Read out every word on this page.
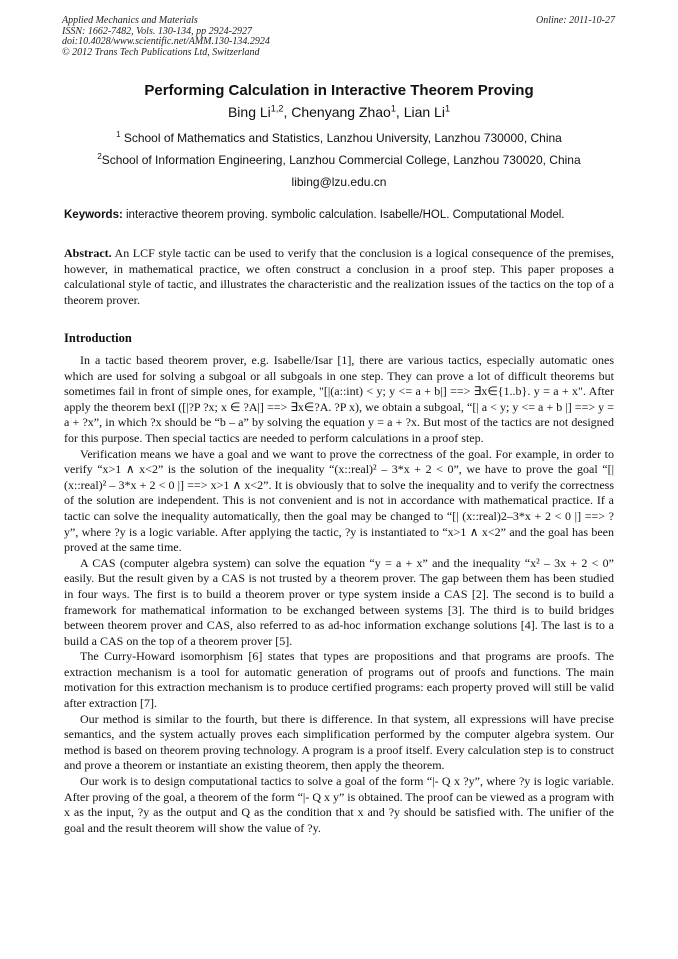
Applied Mechanics and Materials
ISSN: 1662-7482, Vols. 130-134, pp 2924-2927
doi:10.4028/www.scientific.net/AMM.130-134.2924
© 2012 Trans Tech Publications Ltd, Switzerland
Online: 2011-10-27
Performing Calculation in Interactive Theorem Proving
Bing Li$^{1,2}$, Chenyang Zhao$^1$, Lian Li$^1$
$^1$ School of Mathematics and Statistics, Lanzhou University, Lanzhou 730000, China
$^2$School of Information Engineering, Lanzhou Commercial College, Lanzhou 730020, China
libing@lzu.edu.cn
Keywords: interactive theorem proving. symbolic calculation. Isabelle/HOL. Computational Model.
Abstract. An LCF style tactic can be used to verify that the conclusion is a logical consequence of the premises, however, in mathematical practice, we often construct a conclusion in a proof step. This paper proposes a calculational style of tactic, and illustrates the characteristic and the realization issues of the tactics on the top of a theorem prover.
Introduction

In a tactic based theorem prover, e.g. Isabelle/Isar [1], there are various tactics, especially automatic ones which are used for solving a subgoal or all subgoals in one step. They can prove a lot of difficult theorems but sometimes fail in front of simple ones, for example, "[|(a::int) < y; y <= a + b|] ==> ∃x∈{1..b}. y = a + x". After apply the theorem bexI ([|?P ?x; x ∈ ?A|] ==> ∃x∈?A. ?P x), we obtain a subgoal, “[| a < y; y <= a + b |] ==> y = a + ?x”, in which ?x should be “b – a” by solving the equation y = a + ?x. But most of the tactics are not designed for this purpose. Then special tactics are needed to perform calculations in a proof step.

Verification means we have a goal and we want to prove the correctness of the goal. For example, in order to verify “x>1 ∧ x<2” is the solution of the inequality “(x::real)² – 3*x + 2 < 0”, we have to prove the goal “[| (x::real)² – 3*x + 2 < 0 |] ==> x>1 ∧ x<2”. It is obviously that to solve the inequality and to verify the correctness of the solution are independent. This is not convenient and is not in accordance with mathematical practice. If a tactic can solve the inequality automatically, then the goal may be changed to “[| (x::real)2–3*x + 2 < 0 |] ==> ?y”, where ?y is a logic variable. After applying the tactic, ?y is instantiated to “x>1 ∧ x<2” and the goal has been proved at the same time.

A CAS (computer algebra system) can solve the equation “y = a + x” and the inequality “x² – 3x + 2 < 0” easily. But the result given by a CAS is not trusted by a theorem prover. The gap between them has been studied in four ways. The first is to build a theorem prover or type system inside a CAS [2]. The second is to build a framework for mathematical information to be exchanged between systems [3]. The third is to build bridges between theorem prover and CAS, also referred to as ad-hoc information exchange solutions [4]. The last is to a build a CAS on the top of a theorem prover [5].

The Curry-Howard isomorphism [6] states that types are propositions and that programs are proofs. The extraction mechanism is a tool for automatic generation of programs out of proofs and functions. The main motivation for this extraction mechanism is to produce certified programs: each property proved will still be valid after extraction [7].

Our method is similar to the fourth, but there is difference. In that system, all expressions will have precise semantics, and the system actually proves each simplification performed by the computer algebra system. Our method is based on theorem proving technology. A program is a proof itself. Every calculation step is to construct and prove a theorem or instantiate an existing theorem, then apply the theorem.

Our work is to design computational tactics to solve a goal of the form “|- Q x ?y”, where ?y is logic variable. After proving of the goal, a theorem of the form “|- Q x y” is obtained. The proof can be viewed as a program with x as the input, ?y as the output and Q as the condition that x and ?y should be satisfied with. The unifier of the goal and the result theorem will show the value of ?y.
